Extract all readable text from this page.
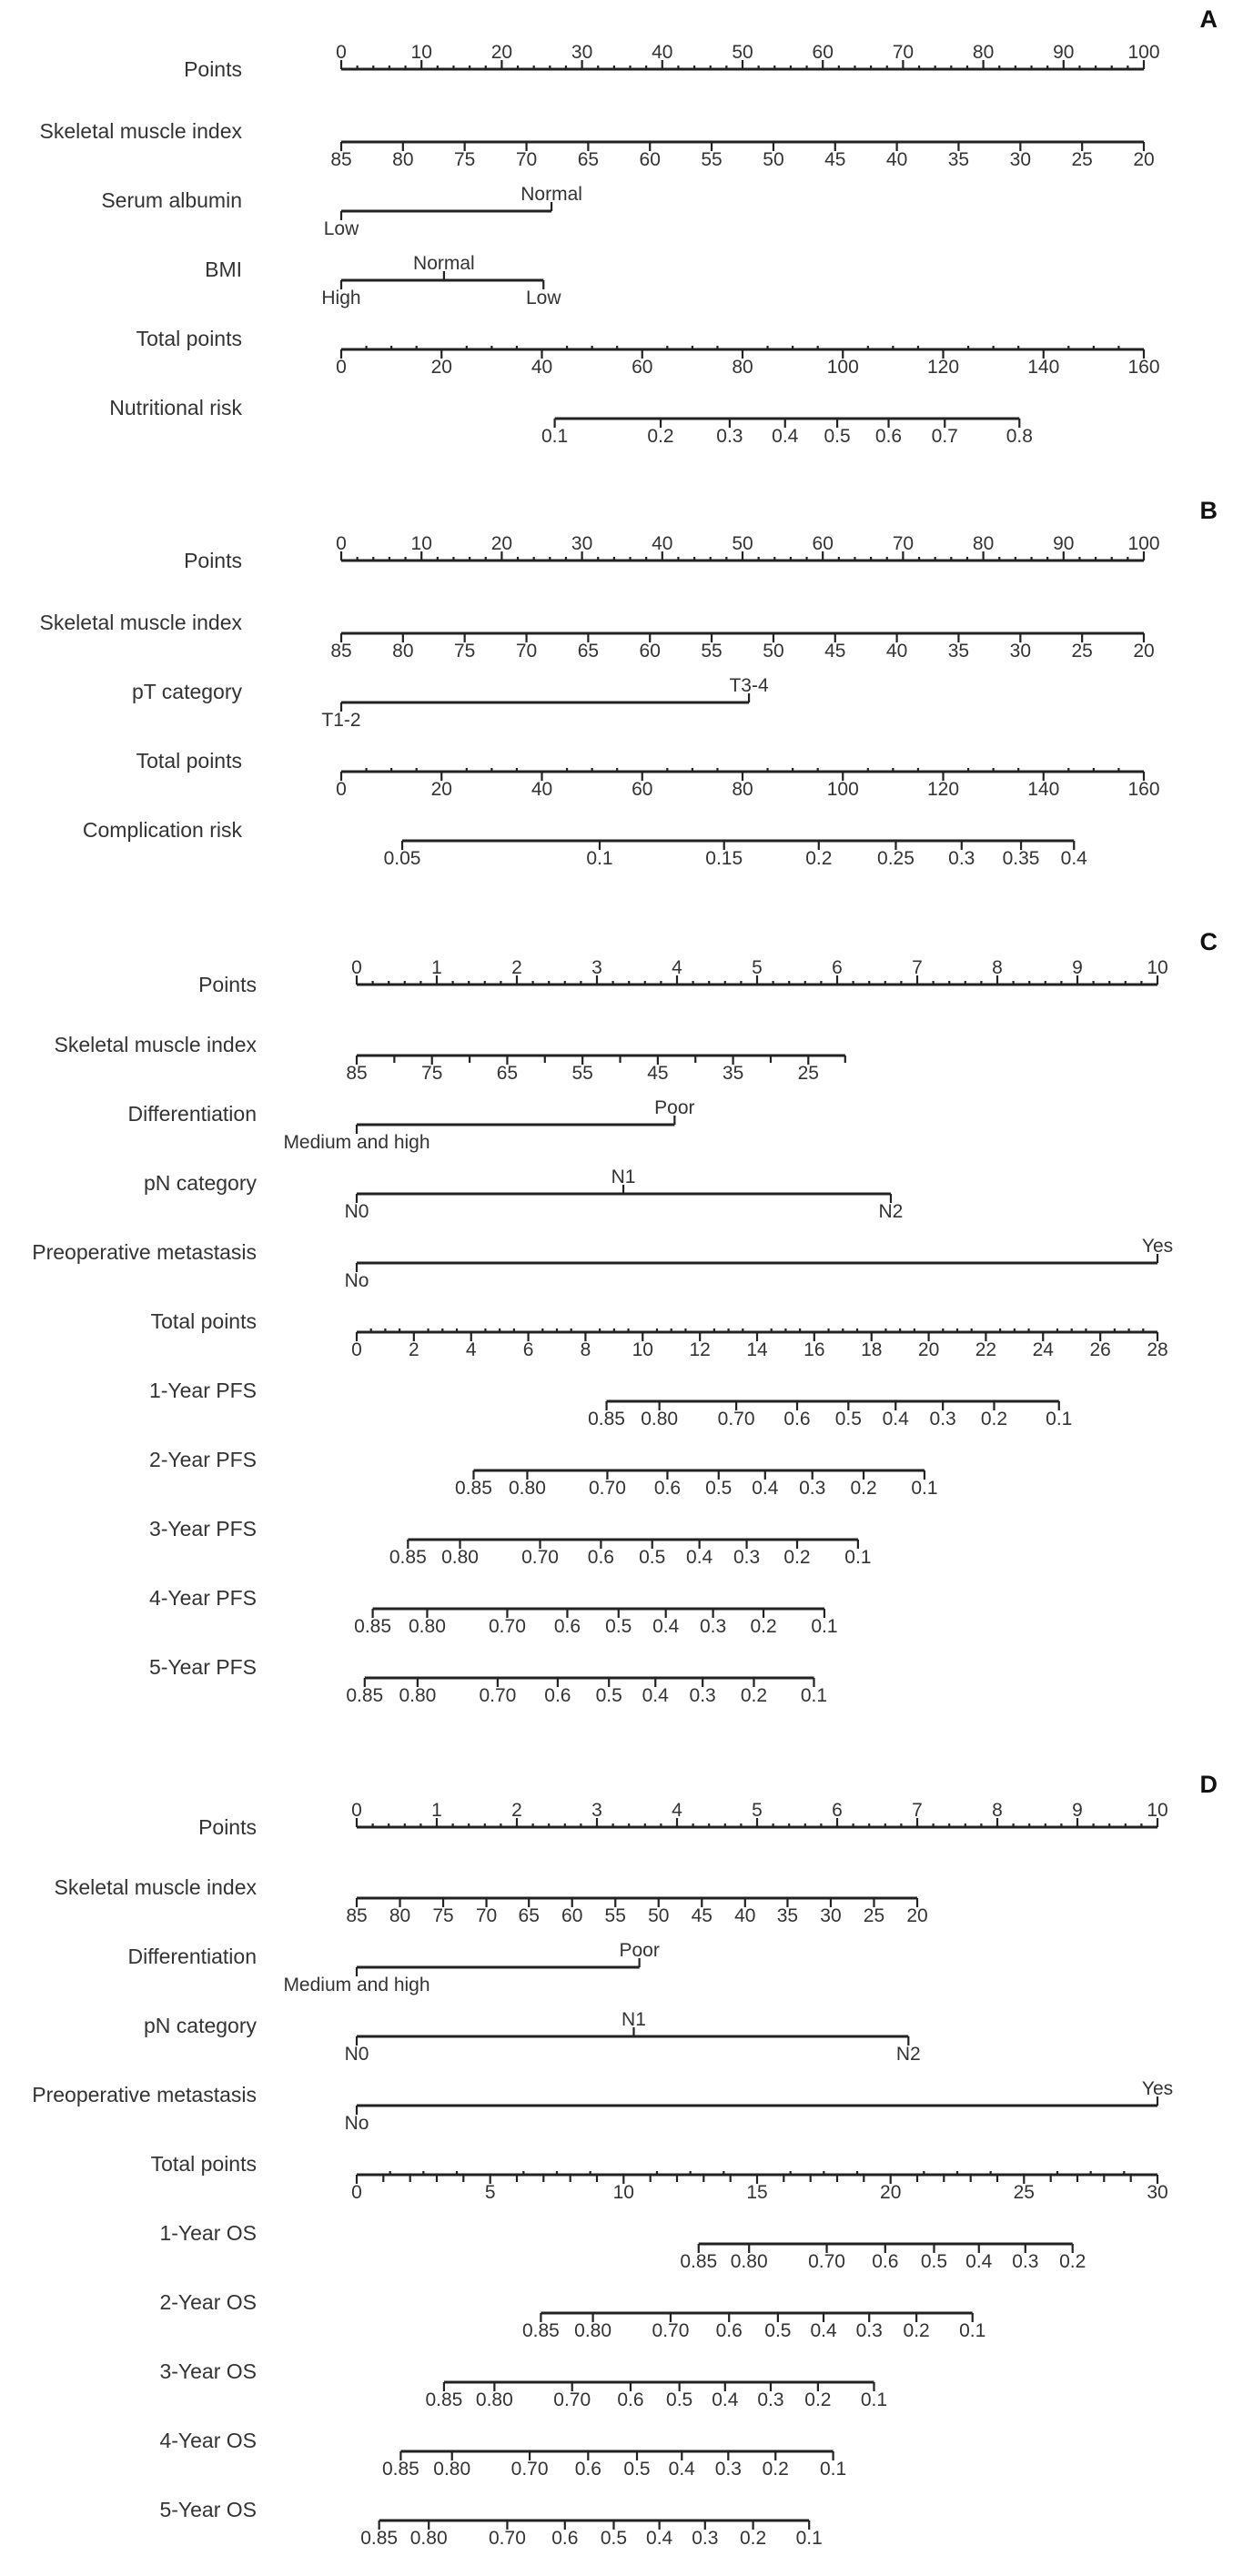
A
Points
0	10	20	30	40	50	60	70	80	90	100
Skeletal muscle index
85 80 75 70 65 60 55 50 45 40 35 30 25 20
Serum albumin
Low
Normal
BMI
High
Normal
Low
Total points
0	20	40	60	80	100	120	140	160
Nutritional risk
0.1	0.2 0.3 0.4 0.5 0.6 0.7	0.8
B
Points
0	10	20	30	40	50	60	70	80	90	100
Skeletal muscle index
85 80 75 70 65 60 55 50 45 40 35 30 25 20
pT category
T1-2
T3-4
Total points
0	20	40	60	80	100	120	140	160
Complication risk
0.05	0.1	0.15	0.2 0.25 0.3 0.35 0.4
C
Points
0	1	2	3	4	5	6	7	8	9	10
Skeletal muscle index
85	75	65	55	45	35	25
Differentiation
Medium and high
Poor
pN category
N0
N1
N2
Preoperative metastasis
No
Yes
Total points
0 2 4 6 8 10 12 14 16 18 20 22 24 26 28
1-Year PFS
0.85 0.80 0.70 0.6 0.5 0.4 0.3 0.2 0.1
2-Year PFS
0.85 0.80 0.70 0.6 0.5 0.4 0.3 0.2 0.1
3-Year PFS
0.85 0.80 0.70 0.6 0.5 0.4 0.3 0.2 0.1
4-Year PFS
0.85 0.80 0.70 0.6 0.5 0.4 0.3 0.2 0.1
5-Year PFS
0.85 0.80 0.70 0.6 0.5 0.4 0.3 0.2 0.1
D
Points
0	1	2	3	4	5	6	7	8	9	10
Skeletal muscle index
85 80 75 70 65 60 55 50 45 40 35 30 25 20
Differentiation
Medium and high
Poor
pN category
N0
N1
N2
Preoperative metastasis
No
Yes
Total points
0	5	10	15	20	25	30
1-Year OS
0.85 0.80 0.70 0.6 0.5 0.4 0.3 0.2
2-Year OS
0.85 0.80 0.70 0.6 0.5 0.4 0.3 0.2 0.1
3-Year OS
0.85 0.80 0.70 0.6 0.5 0.4 0.3 0.2 0.1
4-Year OS
0.85 0.80 0.70 0.6 0.5 0.4 0.3 0.2 0.1
5-Year OS
0.85 0.80 0.70 0.6 0.5 0.4 0.3 0.2 0.1
